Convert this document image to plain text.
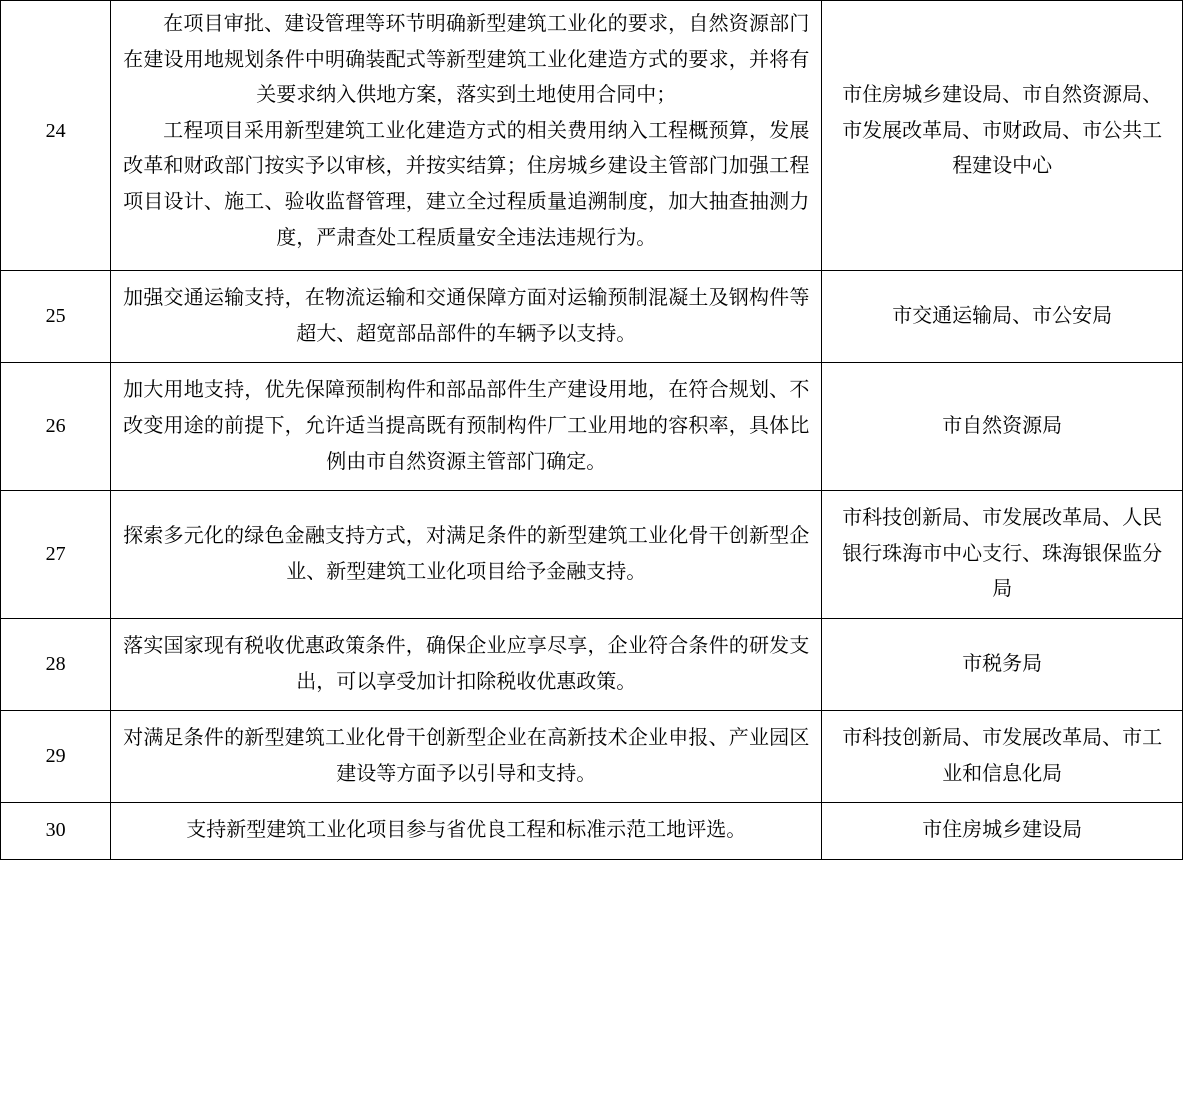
24	在项目审批、建设管理等环节明确新型建筑工业化的要求，自然资源部门在建设用地规划条件中明确装配式等新型建筑工业化建造方式的要求，并将有关要求纳入供地方案，落实到土地使用合同中；
工程项目采用新型建筑工业化建造方式的相关费用纳入工程概预算，发展改革和财政部门按实予以审核，并按实结算；住房城乡建设主管部门加强工程项目设计、施工、验收监督管理，建立全过程质量追溯制度，加大抽查抽测力度，严肃查处工程质量安全违法违规行为。	市住房城乡建设局、市自然资源局、市发展改革局、市财政局、市公共工程建设中心
25	加强交通运输支持，在物流运输和交通保障方面对运输预制混凝土及钢构件等超大、超宽部品部件的车辆予以支持。	市交通运输局、市公安局
26	加大用地支持，优先保障预制构件和部品部件生产建设用地，在符合规划、不改变用途的前提下，允许适当提高既有预制构件厂工业用地的容积率，具体比例由市自然资源主管部门确定。	市自然资源局
27	探索多元化的绿色金融支持方式，对满足条件的新型建筑工业化骨干创新型企业、新型建筑工业化项目给予金融支持。	市科技创新局、市发展改革局、人民银行珠海市中心支行、珠海银保监分局
28	落实国家现有税收优惠政策条件，确保企业应享尽享，企业符合条件的研发支出，可以享受加计扣除税收优惠政策。	市税务局
29	对满足条件的新型建筑工业化骨干创新型企业在高新技术企业申报、产业园区建设等方面予以引导和支持。	市科技创新局、市发展改革局、市工业和信息化局
30	支持新型建筑工业化项目参与省优良工程和标准示范工地评选。	市住房城乡建设局
